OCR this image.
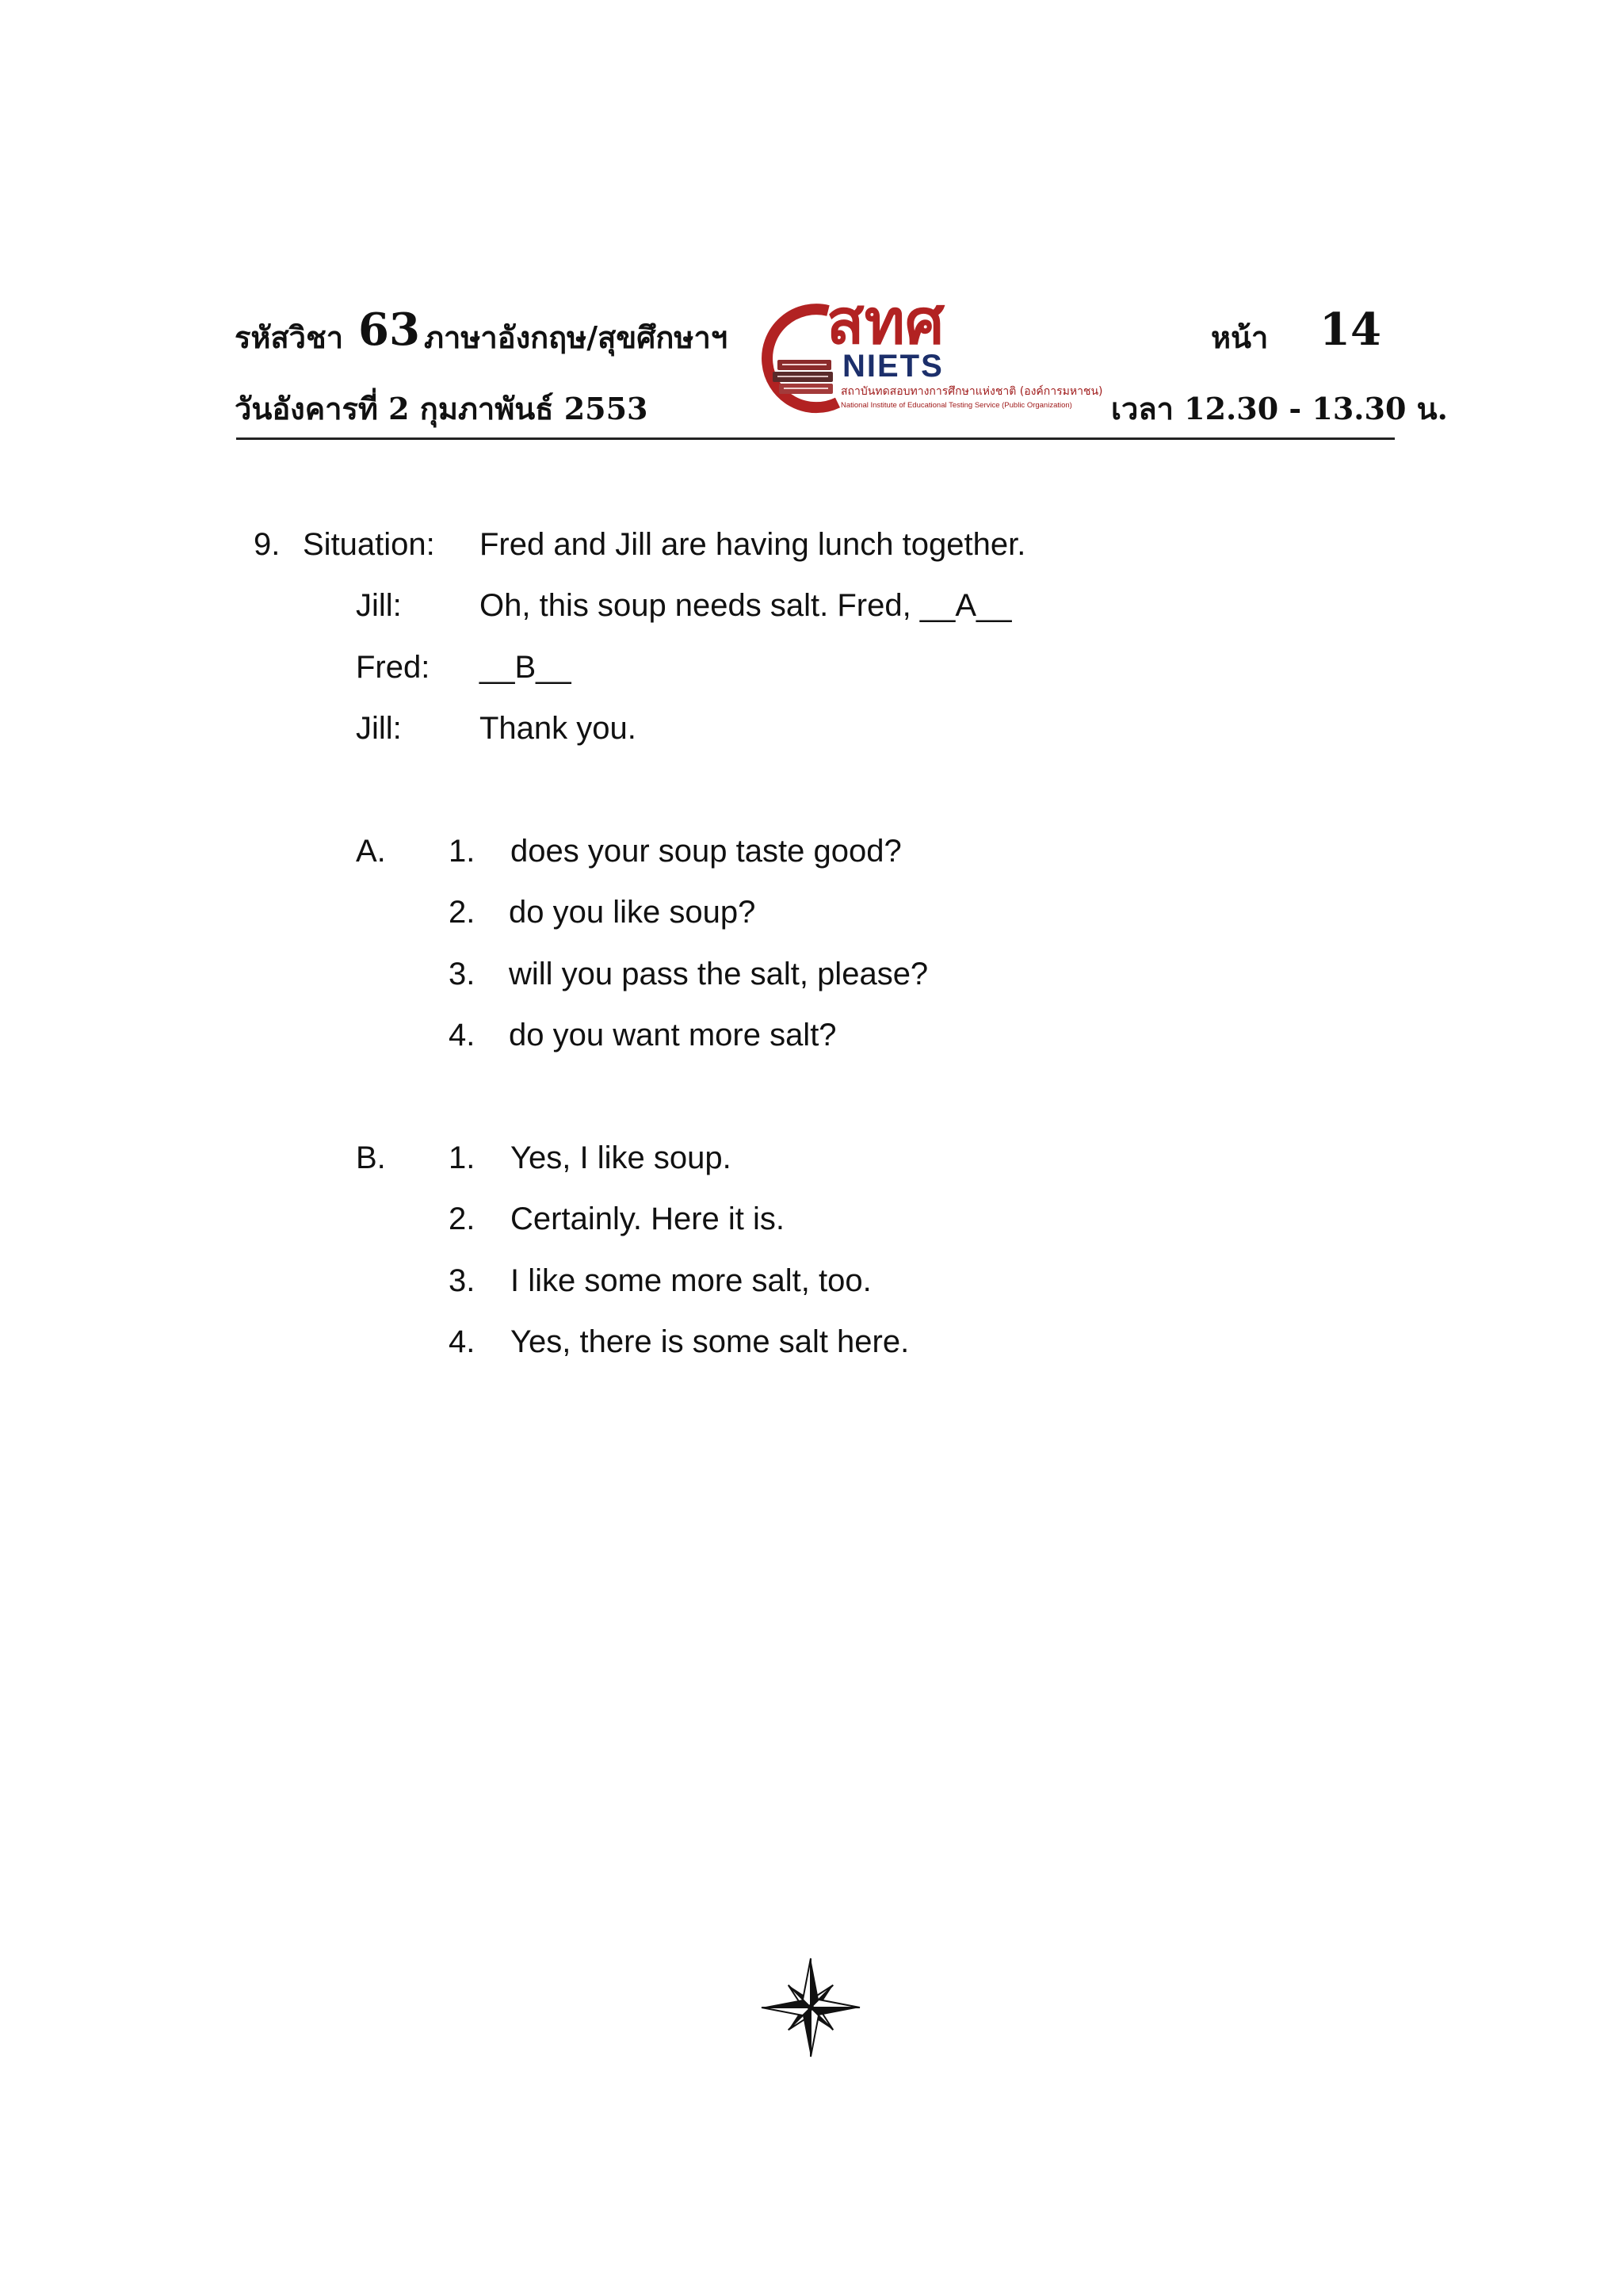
รหัสวิชา 63 ภาษาอังกฤษ/สุขศึกษาฯ	หน้า 14
วันอังคารที่ 2 กุมภาพันธ์ 2553	เวลา 12.30 - 13.30 น.
สทศ
NIETS
สถาบันทดสอบทางการศึกษาแห่งชาติ (องค์การมหาชน)
National Institute of Educational Testing Service (Public Organization)
9. Situation: Fred and Jill are having lunch together.
Jill: Oh, this soup needs salt. Fred, __A__
Fred: __B__
Jill: Thank you.
A. 1. does your soup taste good?
2. do you like soup?
3. will you pass the salt, please?
4. do you want more salt?
B. 1. Yes, I like soup.
2. Certainly. Here it is.
3. I like some more salt, too.
4. Yes, there is some salt here.
